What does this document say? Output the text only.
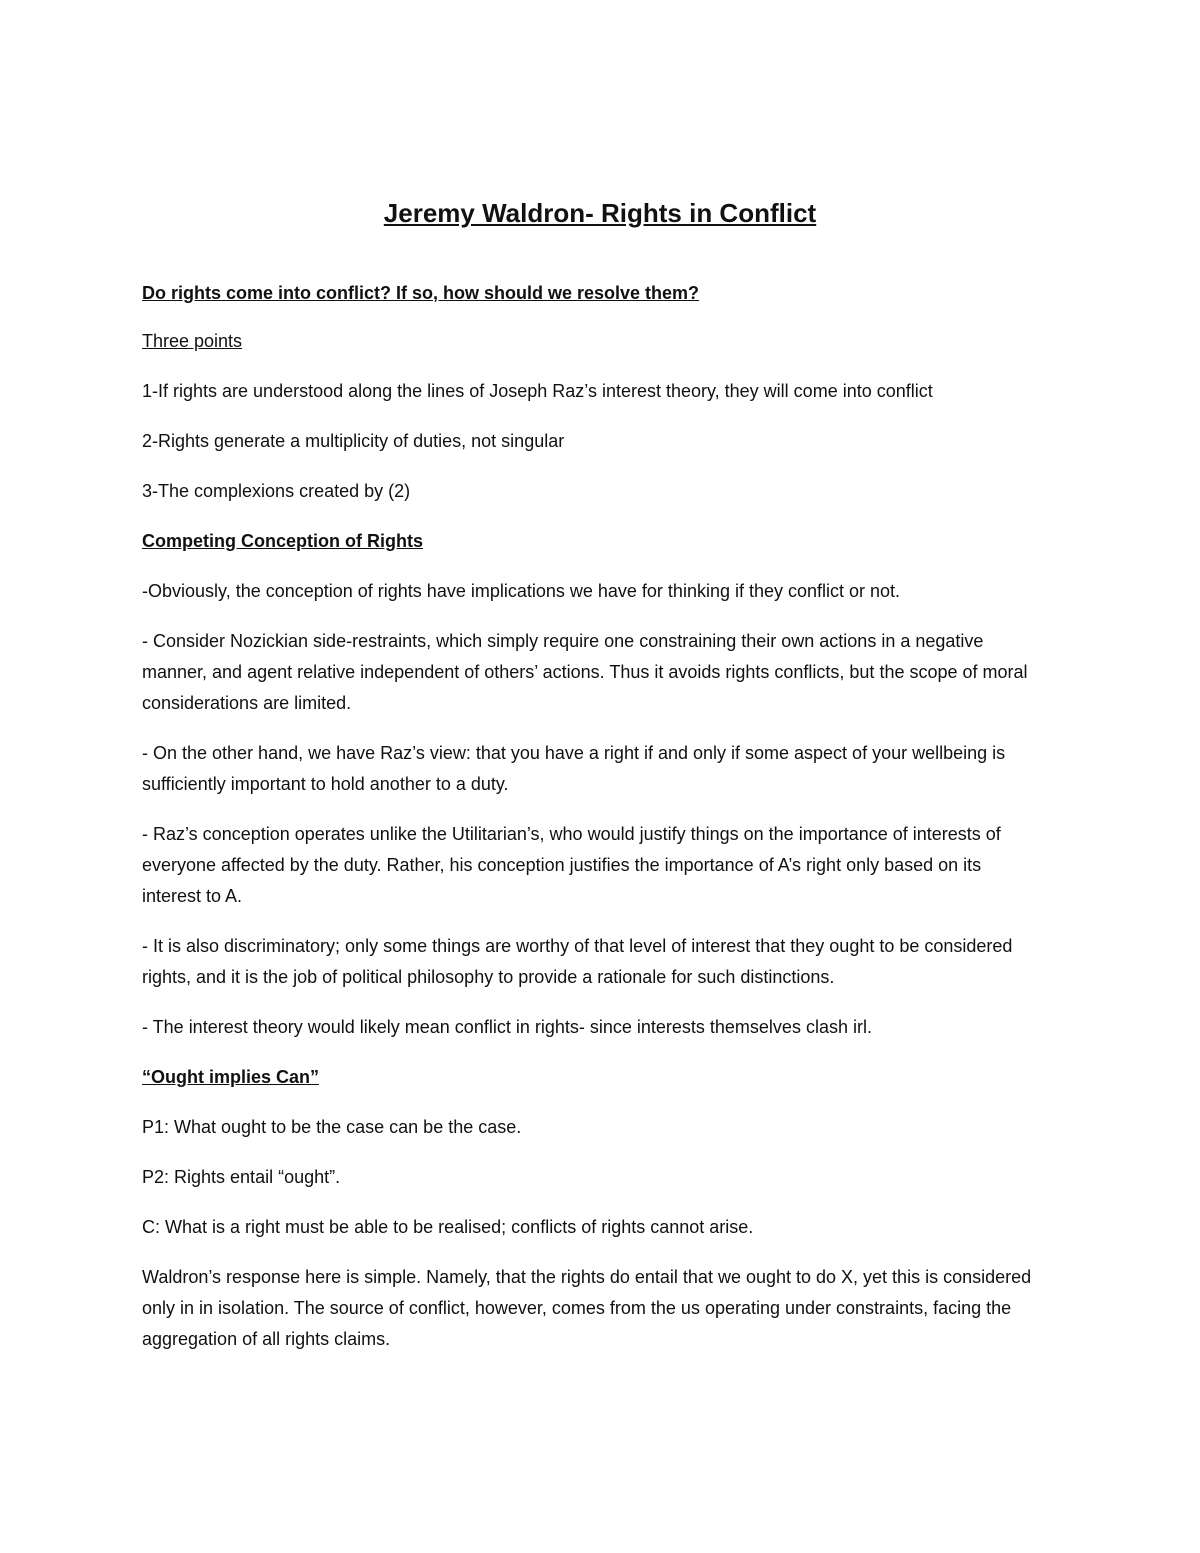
Jeremy Waldron- Rights in Conflict
Do rights come into conflict? If so, how should we resolve them?
Three points
1-If rights are understood along the lines of Joseph Raz’s interest theory, they will come into conflict
2-Rights generate a multiplicity of duties, not singular
3-The complexions created by (2)
Competing Conception of Rights
-Obviously, the conception of rights have implications we have for thinking if they conflict or not.
- Consider Nozickian side-restraints, which simply require one constraining their own actions in a negative manner, and agent relative independent of others’ actions. Thus it avoids rights conflicts, but the scope of moral considerations are limited.
- On the other hand, we have Raz’s view: that you have a right if and only if some aspect of your wellbeing is sufficiently important to hold another to a duty.
- Raz’s conception operates unlike the Utilitarian’s, who would justify things on the importance of interests of everyone affected by the duty. Rather, his conception justifies the importance of A’s right only based on its interest to A.
- It is also discriminatory; only some things are worthy of that level of interest that they ought to be considered rights, and it is the job of political philosophy to provide a rationale for such distinctions.
- The interest theory would likely mean conflict in rights- since interests themselves clash irl.
“Ought implies Can”
P1: What ought to be the case can be the case.
P2: Rights entail “ought”.
C: What is a right must be able to be realised; conflicts of rights cannot arise.
Waldron’s response here is simple. Namely, that the rights do entail that we ought to do X, yet this is considered only in in isolation. The source of conflict, however, comes from the us operating under constraints, facing the aggregation of all rights claims.
